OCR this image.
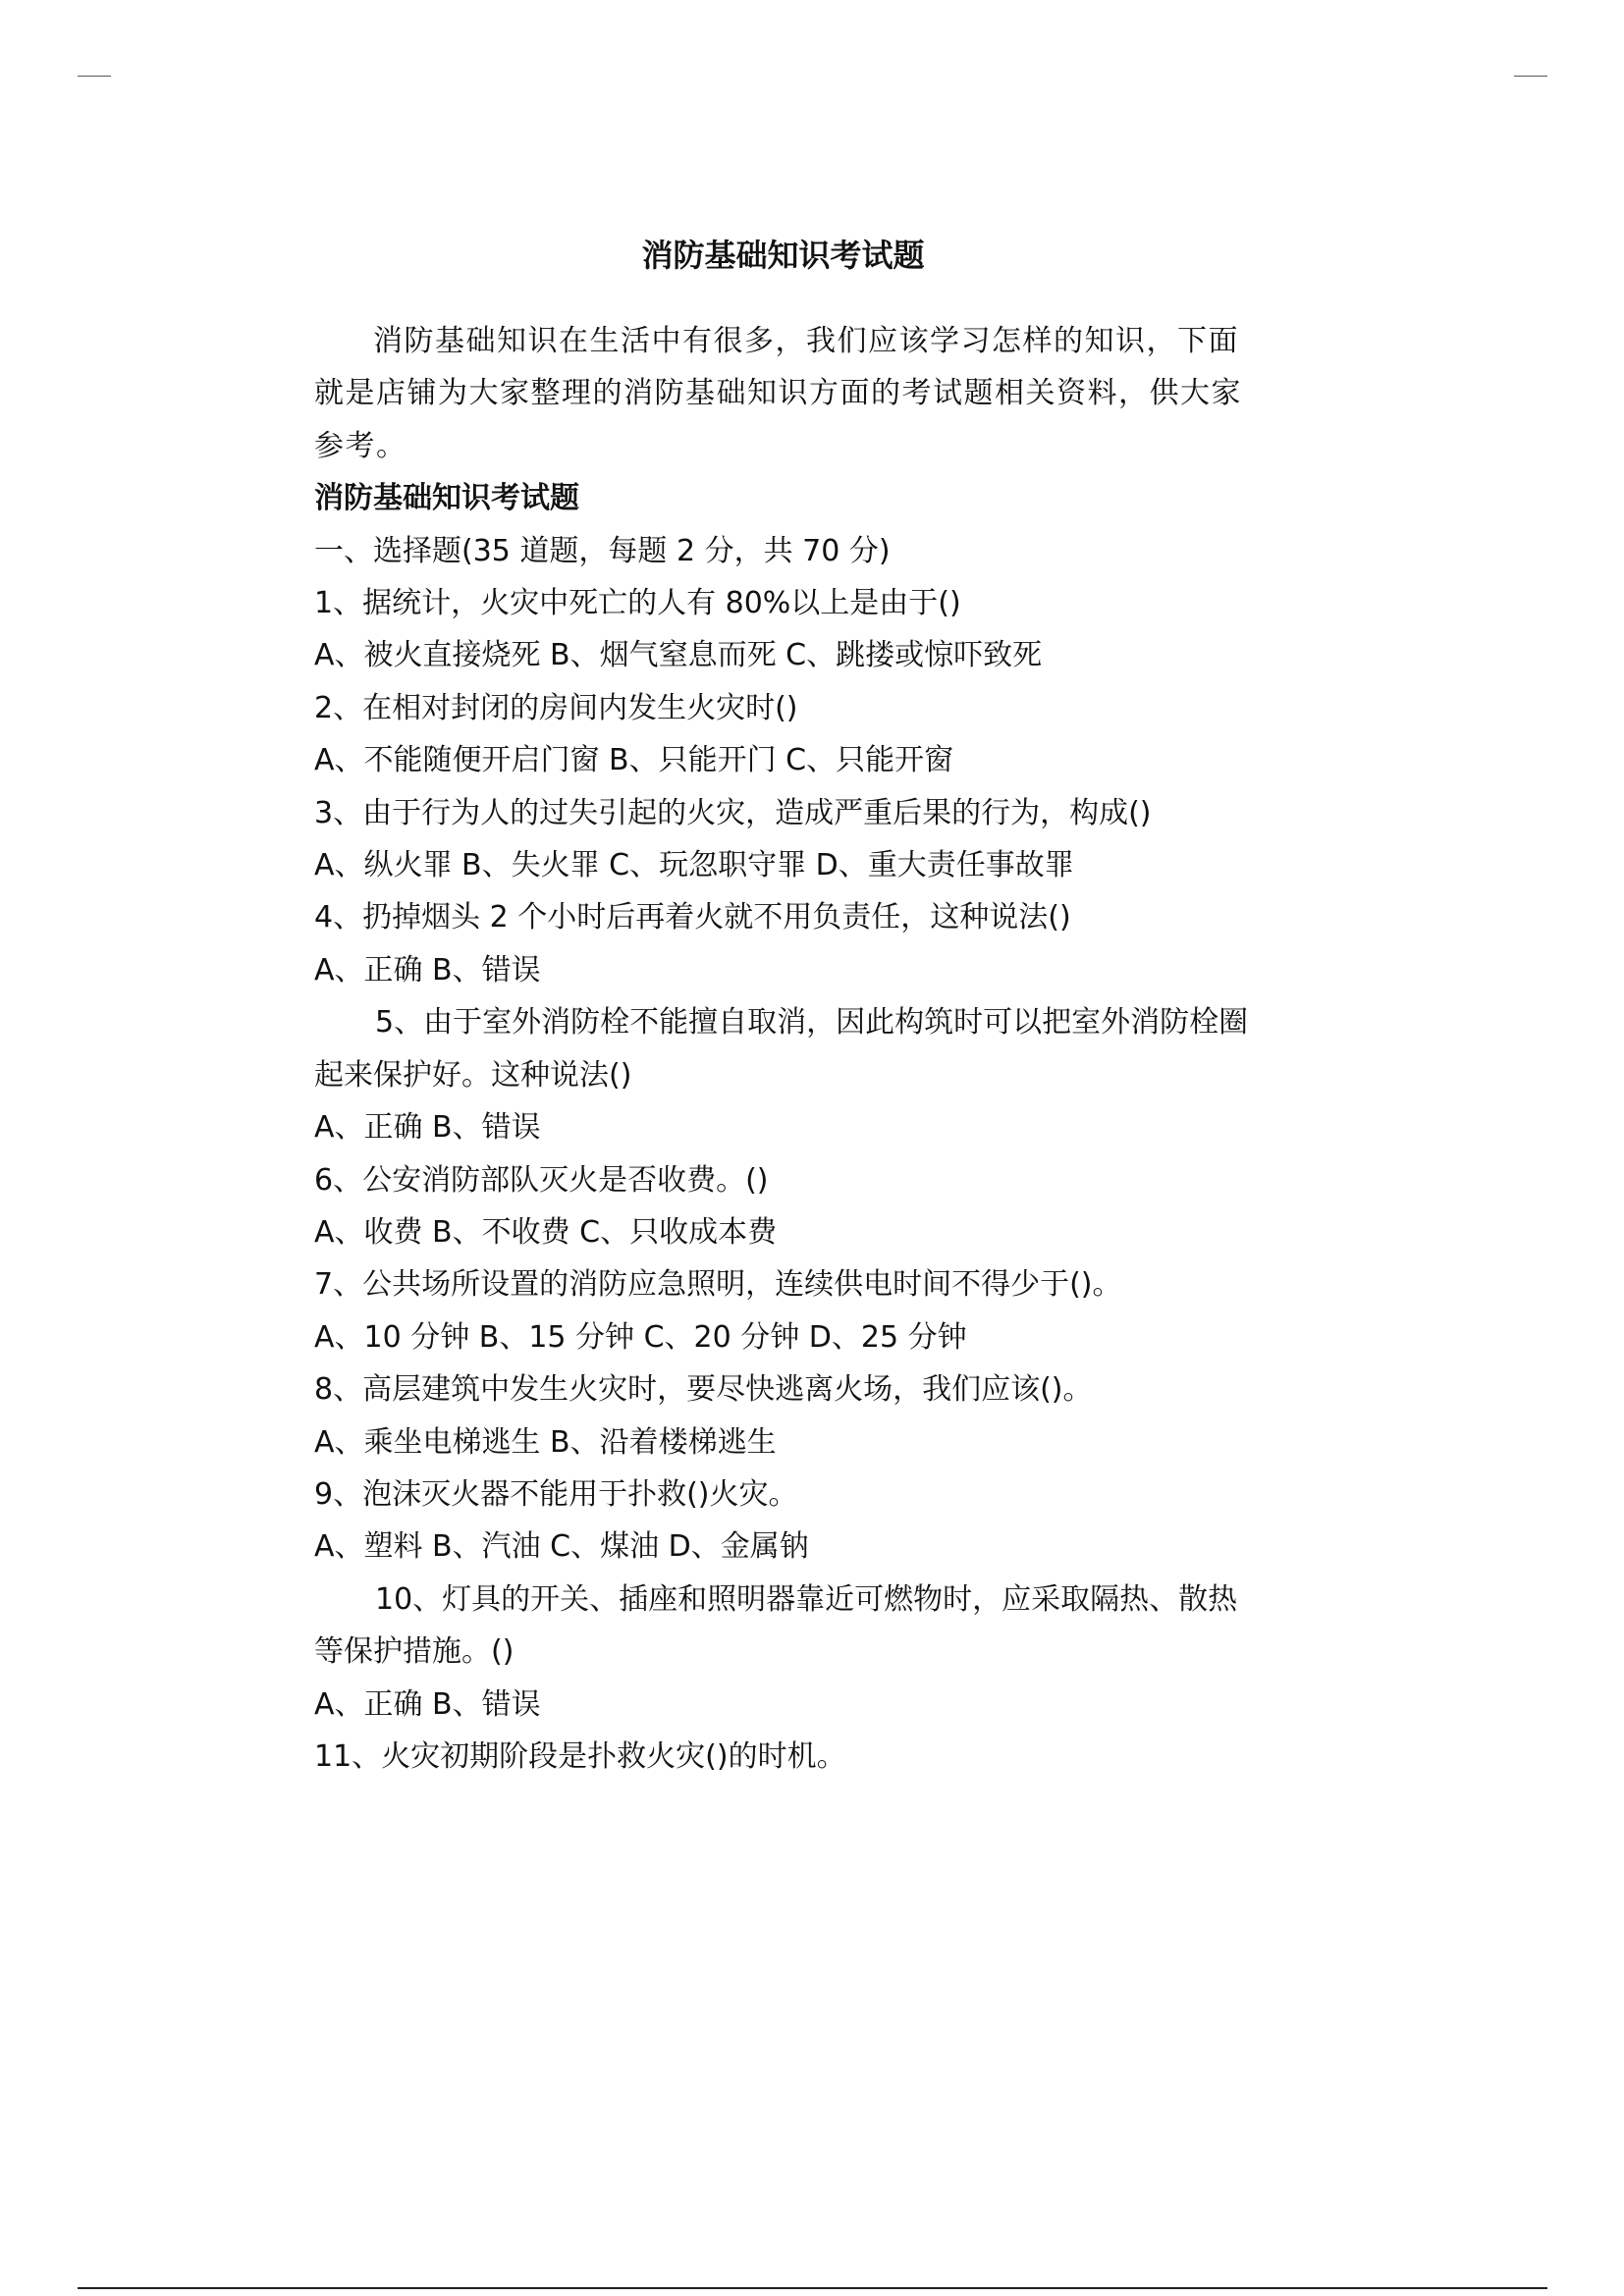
消防基础知识考试题

消防基础知识在生活中有很多，我们应该学习怎样的知识，下面就是店铺为大家整理的消防基础知识方面的考试题相关资料，供大家参考。

消防基础知识考试题

一、选择题(35 道题，每题 2 分，共 70 分)

1、据统计，火灾中死亡的人有 80%以上是由于()

A、被火直接烧死 B、烟气窒息而死 C、跳搂或惊吓致死

2、在相对封闭的房间内发生火灾时()

A、不能随便开启门窗 B、只能开门 C、只能开窗

3、由于行为人的过失引起的火灾，造成严重后果的行为，构成()

A、纵火罪 B、失火罪 C、玩忽职守罪 D、重大责任事故罪

4、扔掉烟头 2 个小时后再着火就不用负责任，这种说法()

A、正确 B、错误

5、由于室外消防栓不能擅自取消，因此构筑时可以把室外消防栓圈起来保护好。这种说法()

A、正确 B、错误

6、公安消防部队灭火是否收费。()

A、收费 B、不收费 C、只收成本费

7、公共场所设置的消防应急照明，连续供电时间不得少于()。

A、10 分钟 B、15 分钟 C、20 分钟 D、25 分钟

8、高层建筑中发生火灾时，要尽快逃离火场，我们应该()。

A、乘坐电梯逃生 B、沿着楼梯逃生

9、泡沫灭火器不能用于扑救()火灾。

A、塑料 B、汽油 C、煤油 D、金属钠

10、灯具的开关、插座和照明器靠近可燃物时，应采取隔热、散热等保护措施。()

A、正确 B、错误

11、火灾初期阶段是扑救火灾()的时机。
